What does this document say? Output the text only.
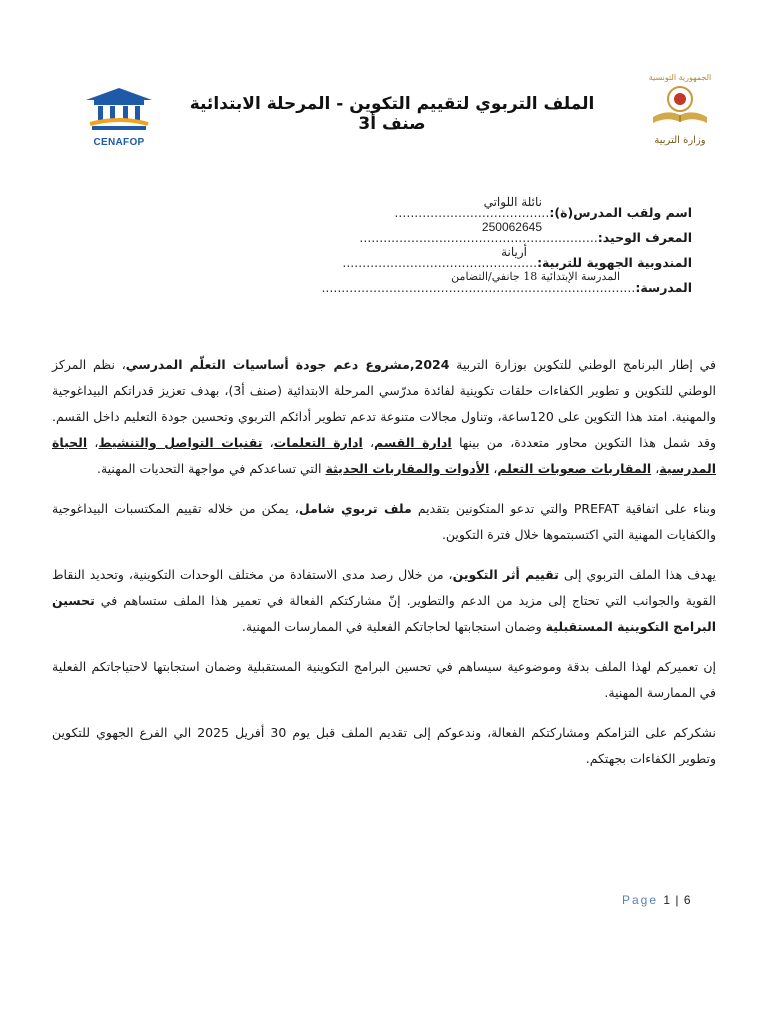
CENAFOP
الملف التربوي لتقييم التكوين - المرحلة الابتدائية صنف أ3
الجمهورية التونسية
وزارة التربية
اسم ولقب المدرس(ة):.......................................
نائلة اللواتي
المعرف الوحيد:............................................................
250062645
المندوبية الجهوية للتربية:.................................................
أريانة
المدرسة:...............................................................................
المدرسة الإبتدائية 18 جانفي/التضامن

في إطار البرنامج الوطني للتكوين بوزارة التربية 2024,مشروع دعم جودة أساسيات التعلّم المدرسي، نظم المركز الوطني للتكوين و تطوير الكفاءات حلقات تكوينية لفائدة مدرّسي المرحلة الابتدائية (صنف أ3)، بهدف تعزيز قدراتكم البيداغوجية والمهنية. امتد هذا التكوين على 120ساعة، وتناول مجالات متنوعة تدعم تطوير أدائكم التربوي وتحسين جودة التعليم داخل القسم. وقد شمل هذا التكوين محاور متعددة، من بينها ادارة القسم، ادارة التعلمات، تقنيات التواصل والتنشيط، الحياة المدرسية، المقاربات صعوبات التعلم، الأدوات والمقاربات الحديثة التي تساعدكم في مواجهة التحديات المهنية.

وبناء على اتفاقية PREFAT والتي تدعو المتكونين بتقديم ملف تربوي شامل، يمكن من خلاله تقييم المكتسبات البيداغوجية والكفايات المهنية التي اكتسبتموها خلال فترة التكوين.

يهدف هذا الملف التربوي إلى تقييم أثر التكوين، من خلال رصد مدى الاستفادة من مختلف الوحدات التكوينية، وتحديد النقاط القوية والجوانب التي تحتاج إلى مزيد من الدعم والتطوير. إنّ مشاركتكم الفعالة في تعمير هذا الملف ستساهم في تحسين البرامج التكوينية المستقبلية وضمان استجابتها لحاجاتكم الفعلية في الممارسات المهنية.

إن تعميركم لهذا الملف بدقة وموضوعية سيساهم في تحسين البرامج التكوينية المستقبلية وضمان استجابتها لاحتياجاتكم الفعلية في الممارسة المهنية.

نشكركم على التزامكم ومشاركتكم الفعالة، وندعوكم إلى تقديم الملف قبل يوم 30 أفريل 2025 الي الفرع الجهوي للتكوين وتطوير الكفاءات بجهتكم.

Page 1 | 6
